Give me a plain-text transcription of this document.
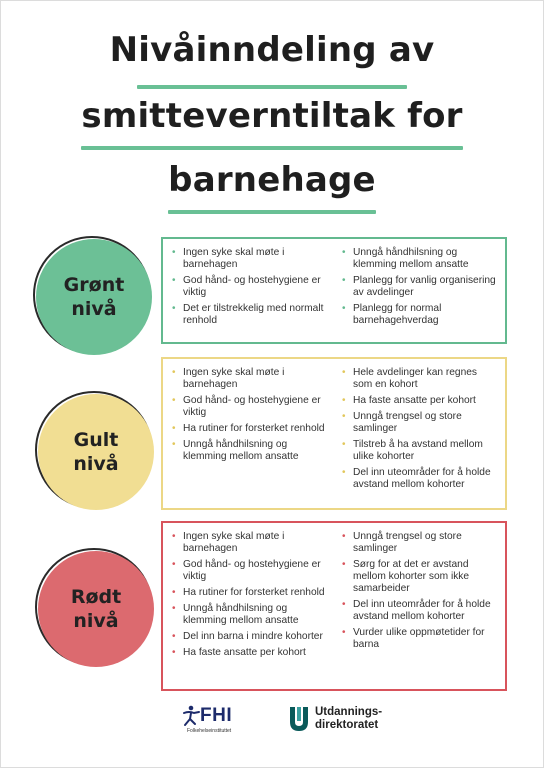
Nivåinndeling av
smitteverntiltak for
barnehage
Grønt
nivå
• Ingen syke skal møte i barnehagen
• God hånd- og hostehygiene er viktig
• Det er tilstrekkelig med normalt renhold
• Unngå håndhilsning og klemming mellom ansatte
• Planlegg for vanlig organisering av avdelinger
• Planlegg for normal barnehagehverdag
Gult
nivå
• Ingen syke skal møte i barnehagen
• God hånd- og hostehygiene er viktig
• Ha rutiner for forsterket renhold
• Unngå håndhilsning og klemming mellom ansatte
• Hele avdelinger kan regnes som en kohort
• Ha faste ansatte per kohort
• Unngå trengsel og store samlinger
• Tilstreb å ha avstand mellom ulike kohorter
• Del inn uteområder for å holde avstand mellom kohorter
Rødt
nivå
• Ingen syke skal møte i barnehagen
• God hånd- og hostehygiene er viktig
• Ha rutiner for forsterket renhold
• Unngå håndhilsning og klemming mellom ansatte
• Del inn barna i mindre kohorter
• Ha faste ansatte per kohort
• Unngå trengsel og store samlinger
• Sørg for at det er avstand mellom kohorter som ikke samarbeider
• Del inn uteområder for å holde avstand mellom kohorter
• Vurder ulike oppmøtetider for barna
FHI
Folkehelseinstituttet
Utdannings-
direktoratet
